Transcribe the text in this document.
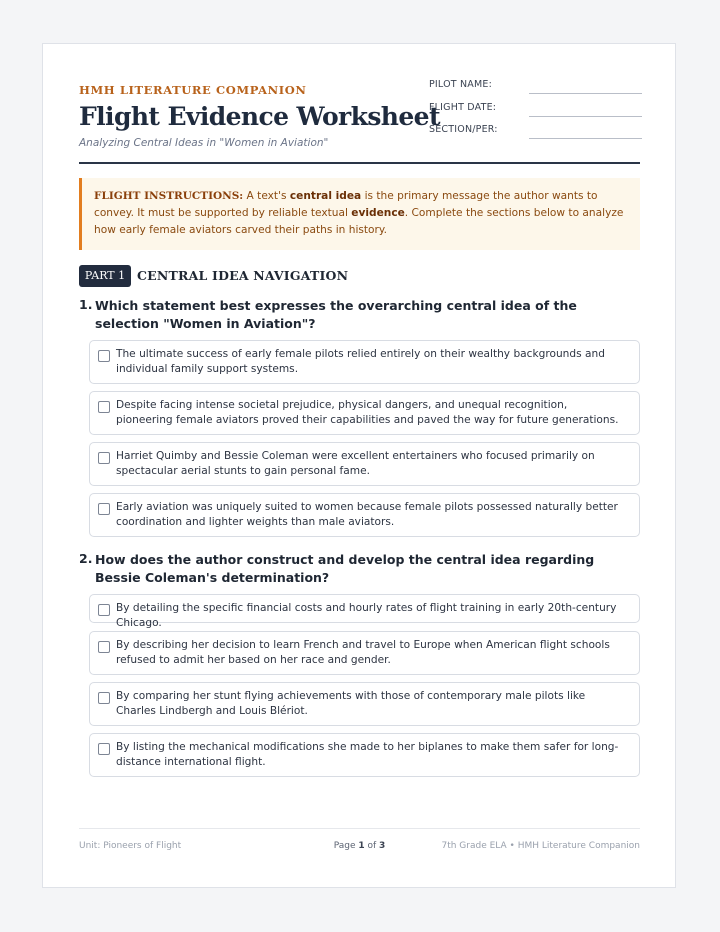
HMH LITERATURE COMPANION
Flight Evidence Worksheet
Analyzing Central Ideas in "Women in Aviation"
PILOT NAME:
FLIGHT DATE:
SECTION/PER:
FLIGHT INSTRUCTIONS: A text's central idea is the primary message the author wants to convey. It must be supported by reliable textual evidence. Complete the sections below to analyze how early female aviators carved their paths in history.
PART 1 CENTRAL IDEA NAVIGATION
1. Which statement best expresses the overarching central idea of the selection "Women in Aviation"?
The ultimate success of early female pilots relied entirely on their wealthy backgrounds and individual family support systems.
Despite facing intense societal prejudice, physical dangers, and unequal recognition, pioneering female aviators proved their capabilities and paved the way for future generations.
Harriet Quimby and Bessie Coleman were excellent entertainers who focused primarily on spectacular aerial stunts to gain personal fame.
Early aviation was uniquely suited to women because female pilots possessed naturally better coordination and lighter weights than male aviators.
2. How does the author construct and develop the central idea regarding Bessie Coleman's determination?
By detailing the specific financial costs and hourly rates of flight training in early 20th-century Chicago.
By describing her decision to learn French and travel to Europe when American flight schools refused to admit her based on her race and gender.
By comparing her stunt flying achievements with those of contemporary male pilots like Charles Lindbergh and Louis Blériot.
By listing the mechanical modifications she made to her biplanes to make them safer for long-distance international flight.
Unit: Pioneers of Flight	Page 1 of 3	7th Grade ELA • HMH Literature Companion
